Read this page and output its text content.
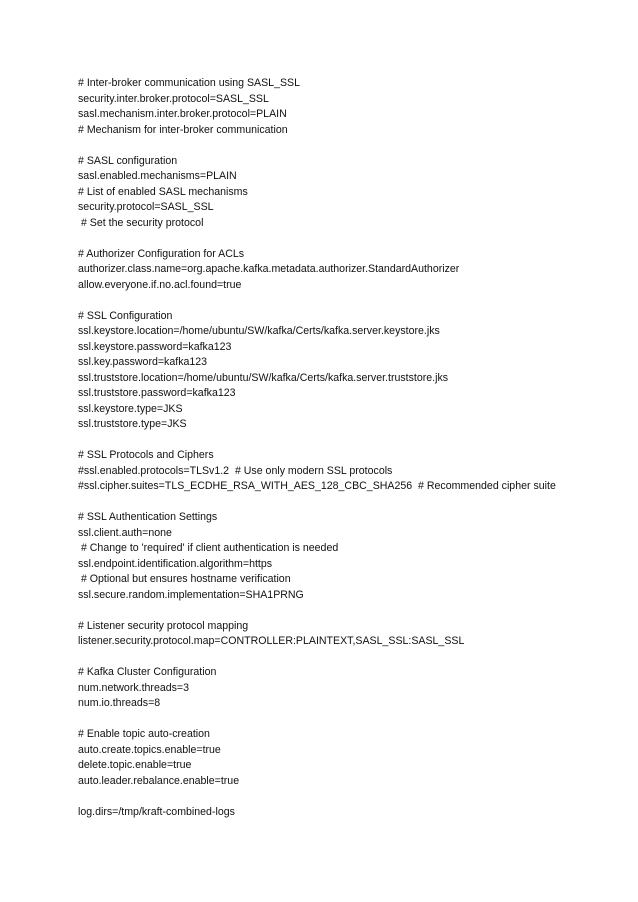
# Inter-broker communication using SASL_SSL
security.inter.broker.protocol=SASL_SSL
sasl.mechanism.inter.broker.protocol=PLAIN
# Mechanism for inter-broker communication
# SASL configuration
sasl.enabled.mechanisms=PLAIN
# List of enabled SASL mechanisms
security.protocol=SASL_SSL
# Set the security protocol
# Authorizer Configuration for ACLs
authorizer.class.name=org.apache.kafka.metadata.authorizer.StandardAuthorizer
allow.everyone.if.no.acl.found=true
# SSL Configuration
ssl.keystore.location=/home/ubuntu/SW/kafka/Certs/kafka.server.keystore.jks
ssl.keystore.password=kafka123
ssl.key.password=kafka123
ssl.truststore.location=/home/ubuntu/SW/kafka/Certs/kafka.server.truststore.jks
ssl.truststore.password=kafka123
ssl.keystore.type=JKS
ssl.truststore.type=JKS
# SSL Protocols and Ciphers
#ssl.enabled.protocols=TLSv1.2  # Use only modern SSL protocols
#ssl.cipher.suites=TLS_ECDHE_RSA_WITH_AES_128_CBC_SHA256  # Recommended cipher suite
# SSL Authentication Settings
ssl.client.auth=none
# Change to 'required' if client authentication is needed
ssl.endpoint.identification.algorithm=https
# Optional but ensures hostname verification
ssl.secure.random.implementation=SHA1PRNG
# Listener security protocol mapping
listener.security.protocol.map=CONTROLLER:PLAINTEXT,SASL_SSL:SASL_SSL
# Kafka Cluster Configuration
num.network.threads=3
num.io.threads=8
# Enable topic auto-creation
auto.create.topics.enable=true
delete.topic.enable=true
auto.leader.rebalance.enable=true
log.dirs=/tmp/kraft-combined-logs
